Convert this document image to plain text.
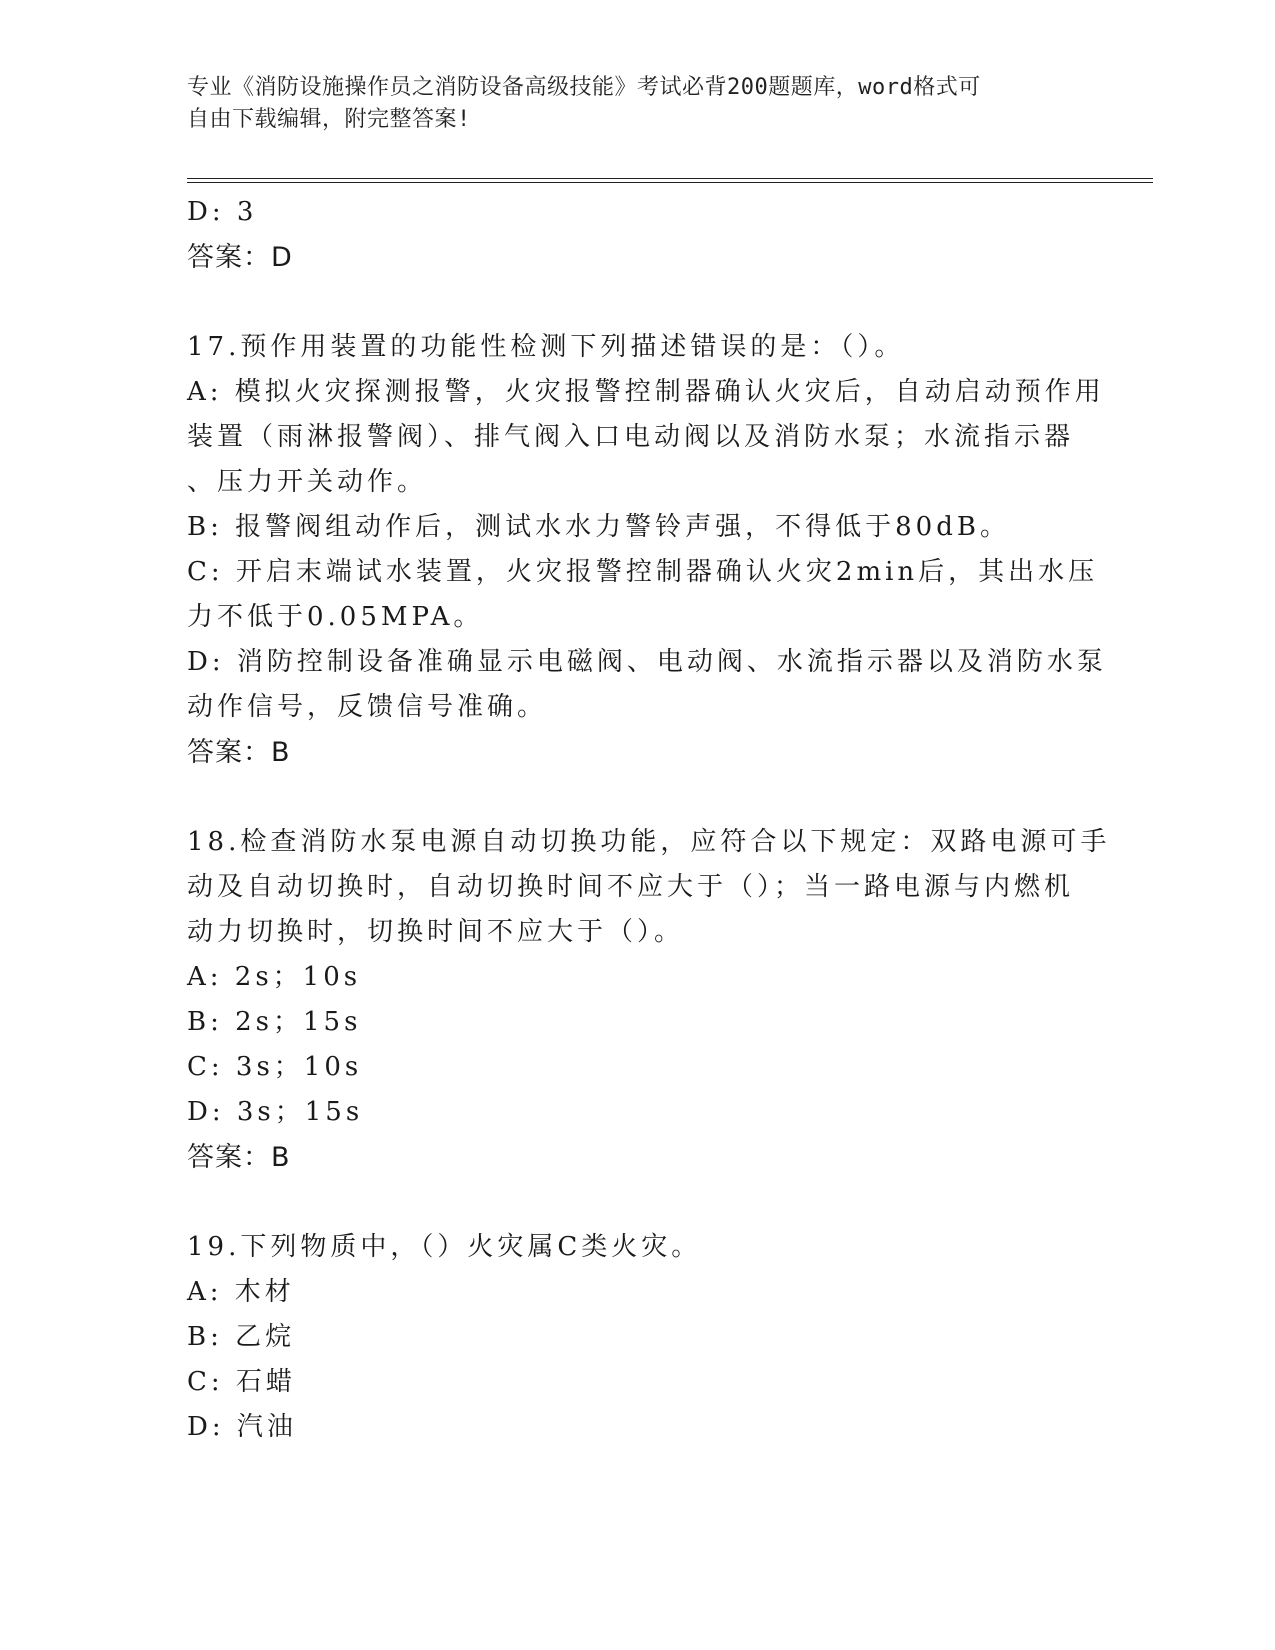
专业《消防设施操作员之消防设备高级技能》考试必背200题题库，word格式可
自由下载编辑，附完整答案!
D: 3
答案：D
17.预作用装置的功能性检测下列描述错误的是：（）。
A: 模拟火灾探测报警，火灾报警控制器确认火灾后，自动启动预作用
装置（雨淋报警阀）、排气阀入口电动阀以及消防水泵；水流指示器
、压力开关动作。
B: 报警阀组动作后，测试水水力警铃声强，不得低于80dB。
C: 开启末端试水装置，火灾报警控制器确认火灾2min后，其出水压
力不低于0.05MPA。
D: 消防控制设备准确显示电磁阀、电动阀、水流指示器以及消防水泵
动作信号，反馈信号准确。
答案：B
18.检查消防水泵电源自动切换功能，应符合以下规定：双路电源可手
动及自动切换时，自动切换时间不应大于（）；当一路电源与内燃机
动力切换时，切换时间不应大于（）。
A: 2s；10s
B: 2s；15s
C: 3s；10s
D: 3s；15s
答案：B
19.下列物质中，（）火灾属C类火灾。
A: 木材
B: 乙烷
C: 石蜡
D: 汽油
